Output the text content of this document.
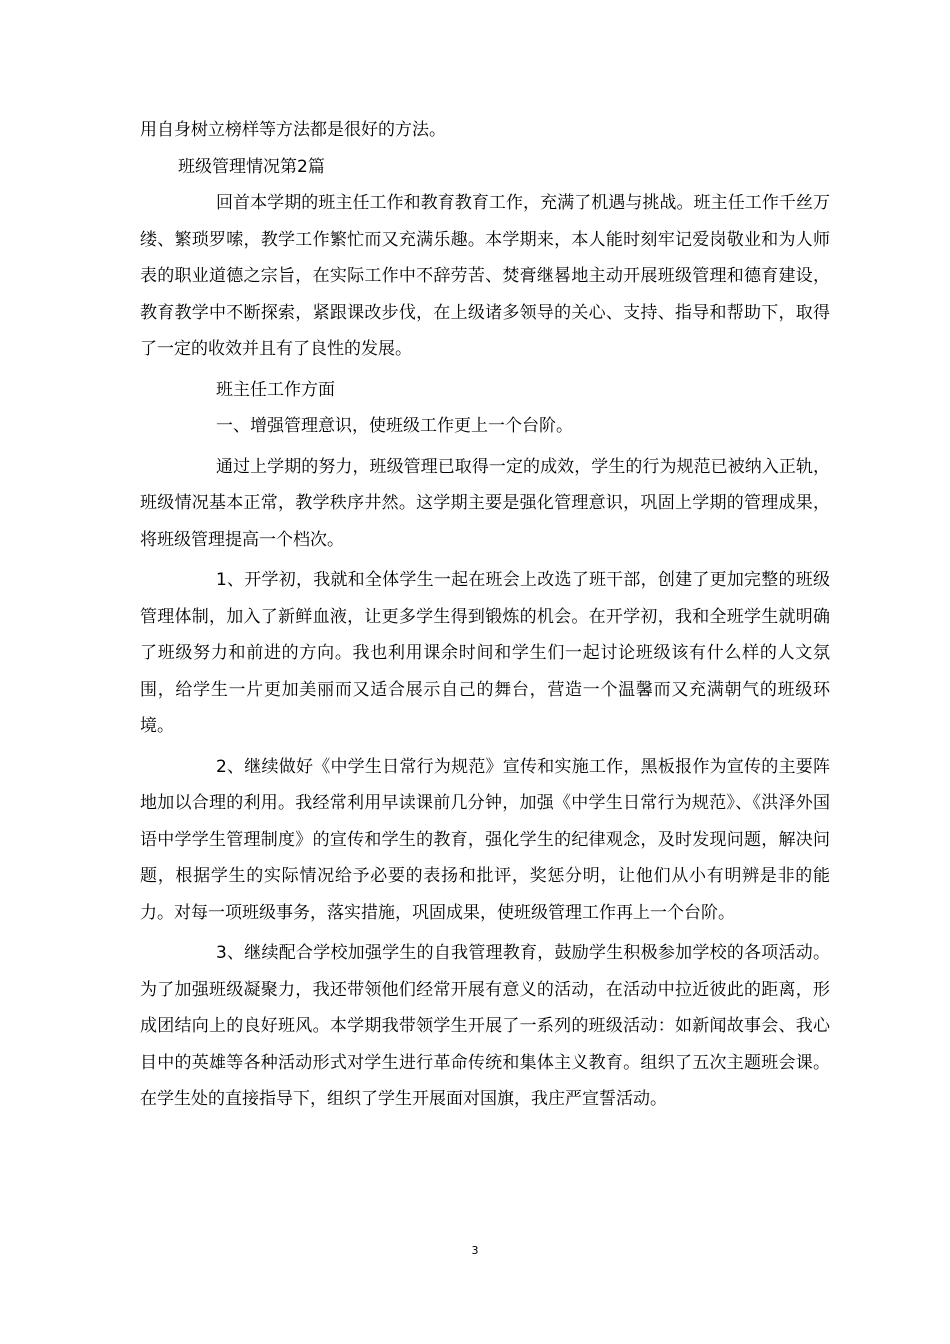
用自身树立榜样等方法都是很好的方法。

班级管理情况第2篇

回首本学期的班主任工作和教育教育工作，充满了机遇与挑战。班主任工作千丝万缕、繁琐罗嗦，教学工作繁忙而又充满乐趣。本学期来，本人能时刻牢记爱岗敬业和为人师表的职业道德之宗旨，在实际工作中不辞劳苦、焚膏继晷地主动开展班级管理和德育建设，教育教学中不断探索，紧跟课改步伐，在上级诸多领导的关心、支持、指导和帮助下，取得了一定的收效并且有了良性的发展。

班主任工作方面

一、增强管理意识，使班级工作更上一个台阶。

通过上学期的努力，班级管理已取得一定的成效，学生的行为规范已被纳入正轨，班级情况基本正常，教学秩序井然。这学期主要是强化管理意识，巩固上学期的管理成果，将班级管理提高一个档次。

1、开学初，我就和全体学生一起在班会上改选了班干部，创建了更加完整的班级管理体制，加入了新鲜血液，让更多学生得到锻炼的机会。在开学初，我和全班学生就明确了班级努力和前进的方向。我也利用课余时间和学生们一起讨论班级该有什么样的人文氛围，给学生一片更加美丽而又适合展示自己的舞台，营造一个温馨而又充满朝气的班级环境。

2、继续做好《中学生日常行为规范》宣传和实施工作，黑板报作为宣传的主要阵地加以合理的利用。我经常利用早读课前几分钟，加强《中学生日常行为规范》、《洪泽外国语中学学生管理制度》的宣传和学生的教育，强化学生的纪律观念，及时发现问题，解决问题，根据学生的实际情况给予必要的表扬和批评，奖惩分明，让他们从小有明辨是非的能力。对每一项班级事务，落实措施，巩固成果，使班级管理工作再上一个台阶。

3、继续配合学校加强学生的自我管理教育，鼓励学生积极参加学校的各项活动。为了加强班级凝聚力，我还带领他们经常开展有意义的活动，在活动中拉近彼此的距离，形成团结向上的良好班风。本学期我带领学生开展了一系列的班级活动：如新闻故事会、我心目中的英雄等各种活动形式对学生进行革命传统和集体主义教育。组织了五次主题班会课。在学生处的直接指导下，组织了学生开展面对国旗，我庄严宣誓活动。

3
